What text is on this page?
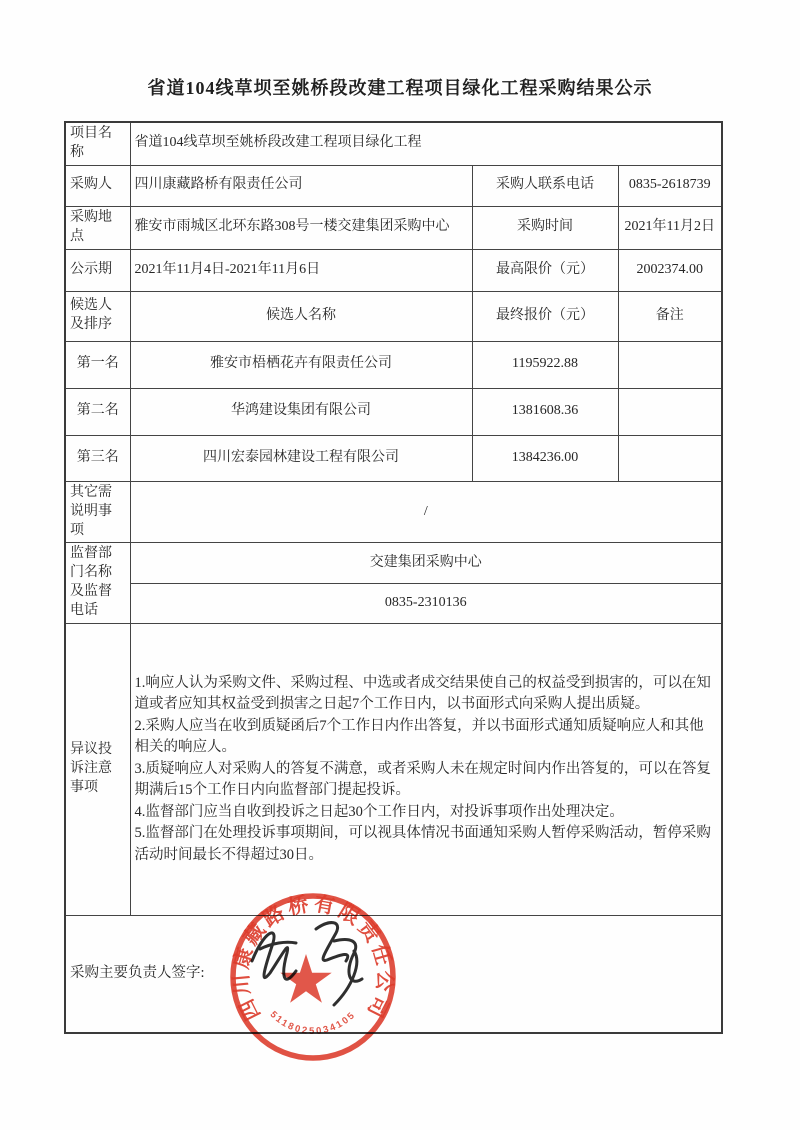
省道104线草坝至姚桥段改建工程项目绿化工程采购结果公示
项目名称	省道104线草坝至姚桥段改建工程项目绿化工程		
采购人	四川康藏路桥有限责任公司	采购人联系电话	0835-2618739
采购地点	雅安市雨城区北环东路308号一楼交建集团采购中心	采购时间	2021年11月2日
公示期	2021年11月4日-2021年11月6日	最高限价（元）	2002374.00
候选人及排序	候选人名称	最终报价（元）	备注
第一名	雅安市梧栖花卉有限责任公司	1195922.88	
第二名	华鸿建设集团有限公司	1381608.36	
第三名	四川宏泰园林建设工程有限公司	1384236.00	
其它需说明事项	/		
监督部门名称及监督电话	交建集团采购中心		
	0835-2310136		
异议投诉注意事项	1.响应人认为采购文件、采购过程、中选或者成交结果使自己的权益受到损害的，可以在知道或者应知其权益受到损害之日起7个工作日内，以书面形式向采购人提出质疑。
2.采购人应当在收到质疑函后7个工作日内作出答复，并以书面形式通知质疑响应人和其他相关的响应人。
3.质疑响应人对采购人的答复不满意，或者采购人未在规定时间内作出答复的，可以在答复期满后15个工作日内向监督部门提起投诉。
4.监督部门应当自收到投诉之日起30个工作日内，对投诉事项作出处理决定。
5.监督部门在处理投诉事项期间，可以视具体情况书面通知采购人暂停采购活动，暂停采购活动时间最长不得超过30日。		

采购主要负责人签字:			
四川康藏路桥有限责任公司
5118025034105
